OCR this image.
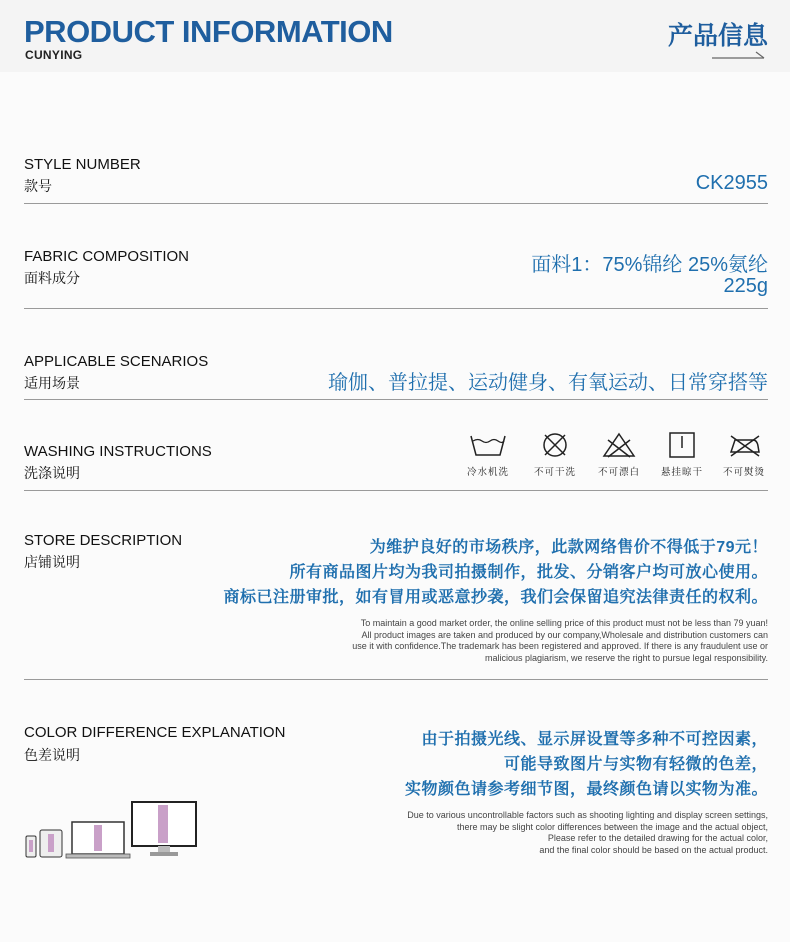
PRODUCT INFORMATION
CUNYING
产品信息
STYLE NUMBER
款号	CK2955
FABRIC COMPOSITION
面料成分
面料1：75%锦纶 25%氨纶
225g
APPLICABLE SCENARIOS
适用场景	瑜伽、普拉提、运动健身、有氧运动、日常穿搭等
WASHING INSTRUCTIONS
洗涤说明	冷水机洗	不可干洗	不可漂白	悬挂晾干	不可熨烫
STORE DESCRIPTION
店铺说明
为维护良好的市场秩序，此款网络售价不得低于79元！
所有商品图片均为我司拍摄制作，批发、分销客户均可放心使用。
商标已注册审批，如有冒用或恶意抄袭，我们会保留追究法律责任的权利。
To maintain a good market order, the online selling price of this product must not be less than 79 yuan!
All product images are taken and produced by our company,Wholesale and distribution customers can
use it with confidence.The trademark has been registered and approved. If there is any fraudulent use or
malicious plagiarism, we reserve the right to pursue legal responsibility.
COLOR DIFFERENCE EXPLANATION
色差说明
由于拍摄光线、显示屏设置等多种不可控因素，
可能导致图片与实物有轻微的色差，
实物颜色请参考细节图，最终颜色请以实物为准。
Due to various uncontrollable factors such as shooting lighting and display screen settings,
there may be slight color differences between the image and the actual object,
Please refer to the detailed drawing for the actual color,
and the final color should be based on the actual product.
